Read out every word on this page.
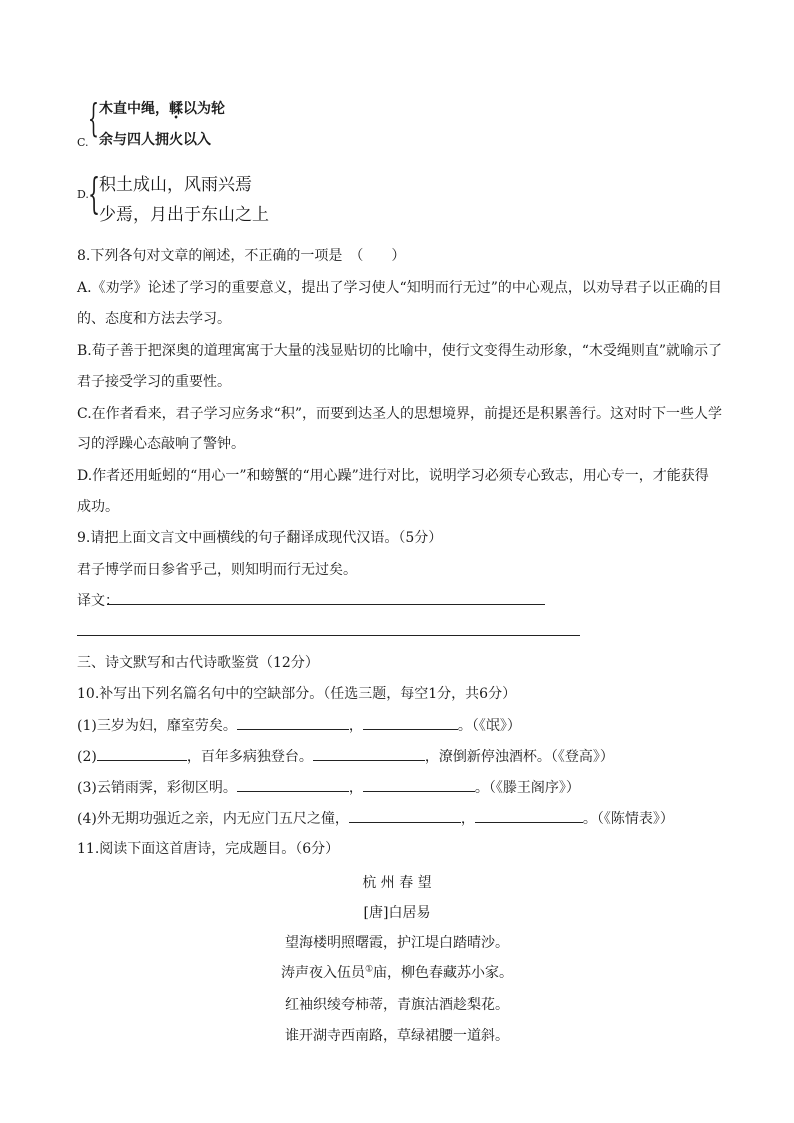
C.
{ 木直中绳，輮以为轮
余与四人拥火以入
D. {
积土成山，风雨兴焉
少焉，月出于东山之上
8.下列各句对文章的阐述，不正确的一项是　（　　）
A.《劝学》论述了学习的重要意义，提出了学习使人“知明而行无过”的中心观点，以劝导君子以正确的目
的、态度和方法去学习。
B.荀子善于把深奥的道理寓寓于大量的浅显贴切的比喻中，使行文变得生动形象，“木受绳则直”就喻示了
君子接受学习的重要性。
C.在作者看来，君子学习应务求“积”，而要到达圣人的思想境界，前提还是积累善行。这对时下一些人学
习的浮躁心态敲响了警钟。
D.作者还用蚯蚓的“用心一”和螃蟹的“用心躁”进行对比，说明学习必须专心致志，用心专一，才能获得
成功。
9.请把上面文言文中画横线的句子翻译成现代汉语。（5分）
君子博学而日参省乎己，则知明而行无过矣。
译文：
三、诗文默写和古代诗歌鉴赏（12分）
10.补写出下列名篇名句中的空缺部分。（任选三题，每空1分，共6分）
(1)三岁为妇，靡室劳矣。	，	。（《氓》）
(2)	，百年多病独登台。	，潦倒新停浊酒杯。（《登高》）
(3)云销雨霁，彩彻区明。	，	。（《滕王阁序》）
(4)外无期功强近之亲，内无应门五尺之僮，	，	。（《陈情表》）
11.阅读下面这首唐诗，完成题目。（6分）
杭 州 春 望
[唐]白居易
望海楼明照曙霞，护江堤白踏晴沙。
涛声夜入伍员①庙，柳色春藏苏小家。
红袖织绫夸柿蒂，青旗沽酒趁梨花。
谁开湖寺西南路，草绿裙腰一道斜。
